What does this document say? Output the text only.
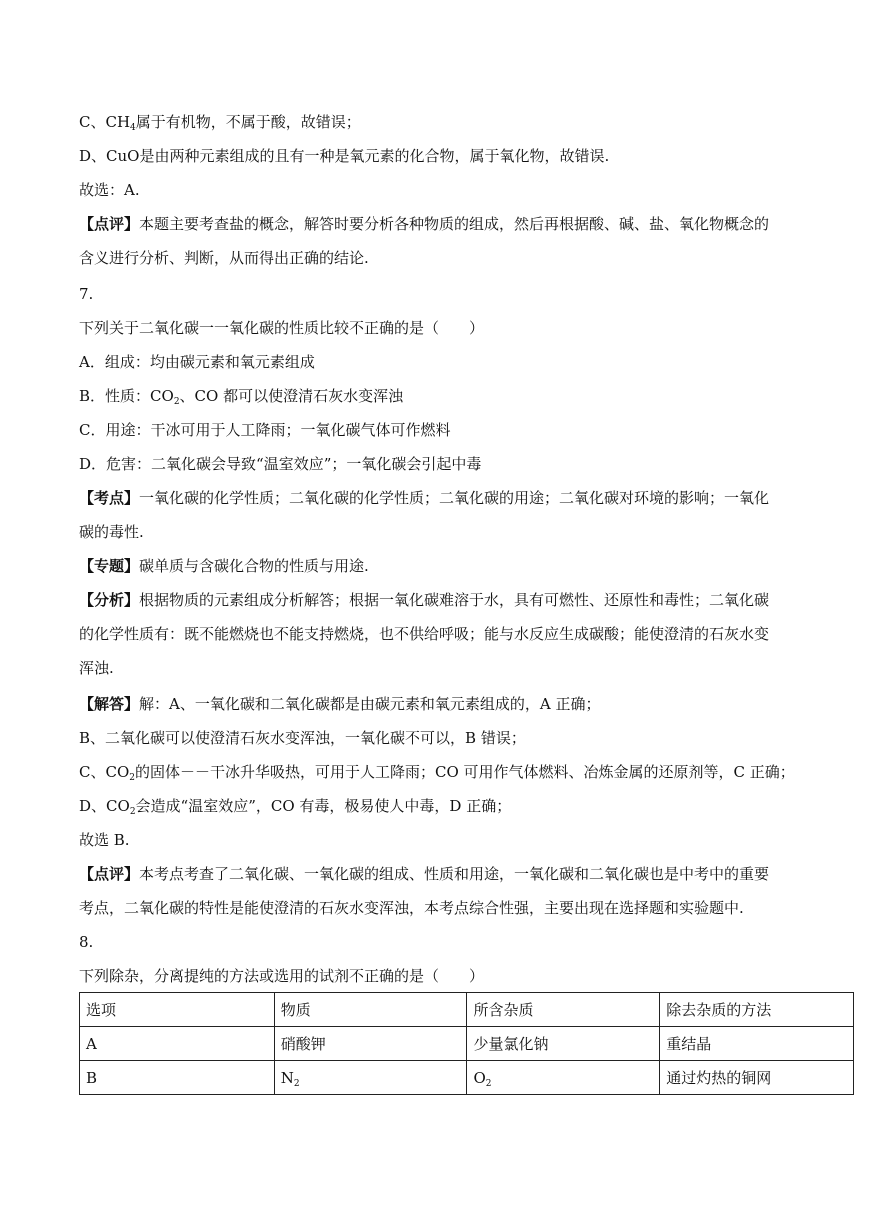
C、$CH_4$属于有机物，不属于酸，故错误；
D、CuO是由两种元素组成的且有一种是氧元素的化合物，属于氧化物，故错误.
故选：A.
【点评】本题主要考查盐的概念，解答时要分析各种物质的组成，然后再根据酸、碱、盐、氧化物概念的
含义进行分析、判断，从而得出正确的结论.
7.
下列关于二氧化碳一一氧化碳的性质比较不正确的是（　　）
A．组成：均由碳元素和氧元素组成
B．性质：$CO_2$、CO 都可以使澄清石灰水变浑浊
C．用途：干冰可用于人工降雨；一氧化碳气体可作燃料
D．危害：二氧化碳会导致“温室效应”；一氧化碳会引起中毒
【考点】一氧化碳的化学性质；二氧化碳的化学性质；二氧化碳的用途；二氧化碳对环境的影响；一氧化
碳的毒性.
【专题】碳单质与含碳化合物的性质与用途.
【分析】根据物质的元素组成分析解答；根据一氧化碳难溶于水，具有可燃性、还原性和毒性；二氧化碳
的化学性质有：既不能燃烧也不能支持燃烧，也不供给呼吸；能与水反应生成碳酸；能使澄清的石灰水变
浑浊.
【解答】解：A、一氧化碳和二氧化碳都是由碳元素和氧元素组成的，A 正确；
B、二氧化碳可以使澄清石灰水变浑浊，一氧化碳不可以，B 错误；
C、$CO_2$的固体－－干冰升华吸热，可用于人工降雨；CO 可用作气体燃料、冶炼金属的还原剂等，C 正确；
D、$CO_2$会造成“温室效应”，CO 有毒，极易使人中毒，D 正确；
故选 B.
【点评】本考点考查了二氧化碳、一氧化碳的组成、性质和用途，一氧化碳和二氧化碳也是中考中的重要
考点，二氧化碳的特性是能使澄清的石灰水变浑浊，本考点综合性强，主要出现在选择题和实验题中.
8.
下列除杂，分离提纯的方法或选用的试剂不正确的是（　　）
选项	物质	所含杂质	除去杂质的方法
A	硝酸钾	少量氯化钠	重结晶
B	$N_2$	$O_2$	通过灼热的铜网
